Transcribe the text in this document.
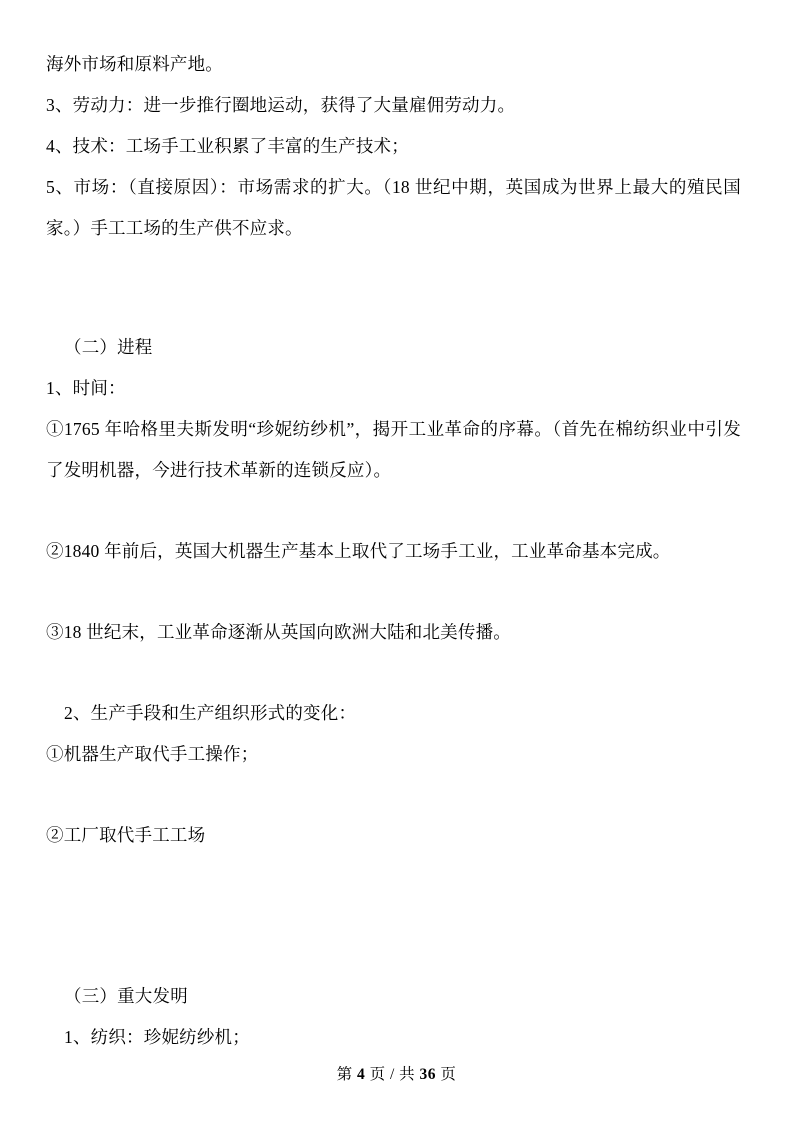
海外市场和原料产地。

3、劳动力：进一步推行圈地运动，获得了大量雇佣劳动力。

4、技术：工场手工业积累了丰富的生产技术；

5、市场：（直接原因）：市场需求的扩大。（18 世纪中期，英国成为世界上最大的殖民国家。）手工工场的生产供不应求。

（二）进程

1、时间：

①1765 年哈格里夫斯发明“珍妮纺纱机”，揭开工业革命的序幕。（首先在棉纺织业中引发了发明机器，今进行技术革新的连锁反应）。

②1840 年前后，英国大机器生产基本上取代了工场手工业，工业革命基本完成。

③18 世纪末，工业革命逐渐从英国向欧洲大陆和北美传播。

2、生产手段和生产组织形式的变化：

①机器生产取代手工操作；

②工厂取代手工工场

（三）重大发明

1、纺织：珍妮纺纱机；

第 4 页 / 共 36 页
